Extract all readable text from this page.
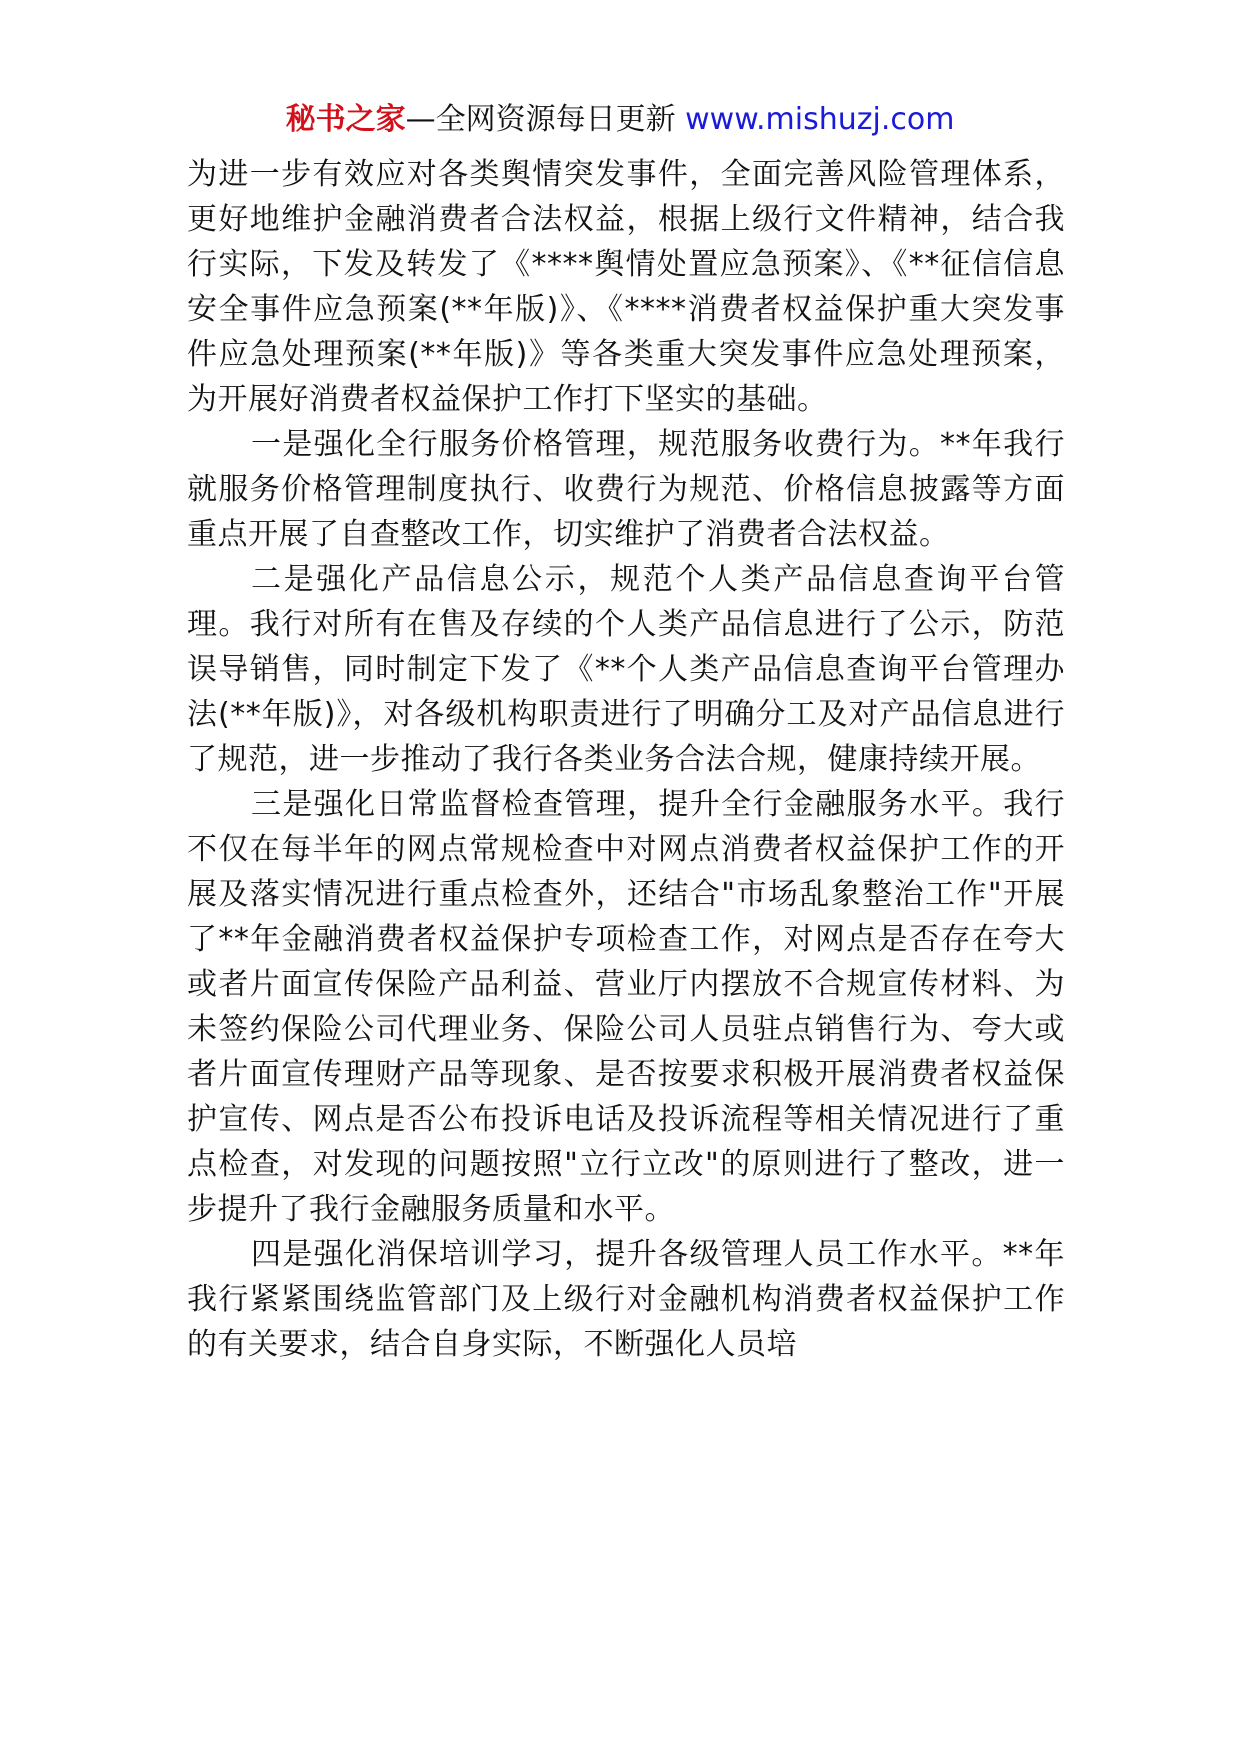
秘书之家—全网资源每日更新 www.mishuzj.com

为进一步有效应对各类舆情突发事件，全面完善风险管理体系，更好地维护金融消费者合法权益，根据上级行文件精神，结合我行实际，下发及转发了《****舆情处置应急预案》、《**征信信息安全事件应急预案(**年版)》、《****消费者权益保护重大突发事件应急处理预案(**年版)》等各类重大突发事件应急处理预案，为开展好消费者权益保护工作打下坚实的基础。

一是强化全行服务价格管理，规范服务收费行为。**年我行就服务价格管理制度执行、收费行为规范、价格信息披露等方面重点开展了自查整改工作，切实维护了消费者合法权益。

二是强化产品信息公示，规范个人类产品信息查询平台管理。我行对所有在售及存续的个人类产品信息进行了公示，防范误导销售，同时制定下发了《**个人类产品信息查询平台管理办法(**年版)》，对各级机构职责进行了明确分工及对产品信息进行了规范，进一步推动了我行各类业务合法合规，健康持续开展。

三是强化日常监督检查管理，提升全行金融服务水平。我行不仅在每半年的网点常规检查中对网点消费者权益保护工作的开展及落实情况进行重点检查外，还结合"市场乱象整治工作"开展了**年金融消费者权益保护专项检查工作，对网点是否存在夸大或者片面宣传保险产品利益、营业厅内摆放不合规宣传材料、为未签约保险公司代理业务、保险公司人员驻点销售行为、夸大或者片面宣传理财产品等现象、是否按要求积极开展消费者权益保护宣传、网点是否公布投诉电话及投诉流程等相关情况进行了重点检查，对发现的问题按照"立行立改"的原则进行了整改，进一步提升了我行金融服务质量和水平。

四是强化消保培训学习，提升各级管理人员工作水平。**年我行紧紧围绕监管部门及上级行对金融机构消费者权益保护工作的有关要求，结合自身实际，不断强化人员培
